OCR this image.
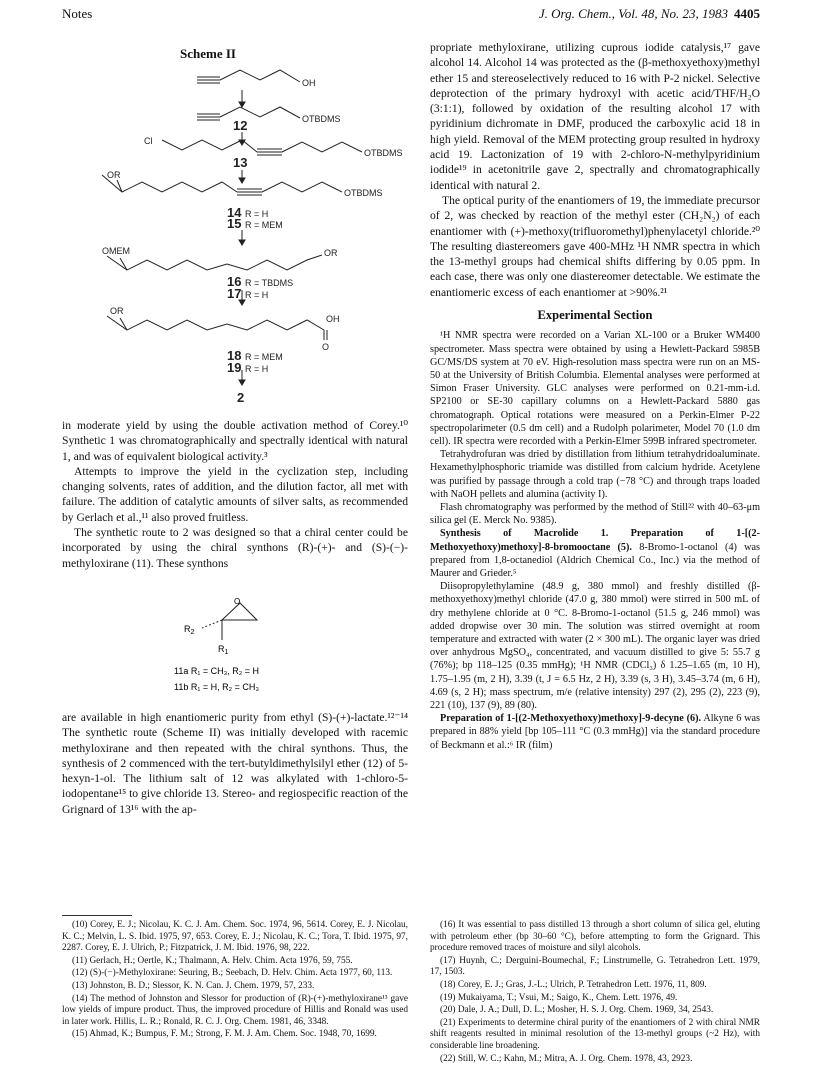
Notes	J. Org. Chem., Vol. 48, No. 23, 1983 4405
Scheme II
OH
OTBDMS
12
Cl
OTBDMS
13
OR
OTBDMS
14 R = H
15 R = MEM
OMEM	OR
16 R = TBDMS
17 R = H
OR
OH
O
18 R = MEM
19 R = H
2

in moderate yield by using the double activation method of Corey.¹⁰ Synthetic 1 was chromatographically and spectrally identical with natural 1, and was of equivalent biological activity.³

Attempts to improve the yield in the cyclization step, including changing solvents, rates of addition, and the dilution factor, all met with failure. The addition of catalytic amounts of silver salts, as recommended by Gerlach et al.,¹¹ also proved fruitless.

The synthetic route to 2 was designed so that a chiral center could be incorporated by using the chiral synthons (R)-(+)- and (S)-(−)-methyloxirane (11). These synthons

O
$R_2$
$R_1$
11a R₁ = CH₃, R₂ = H
11b R₁ = H, R₂ = CH₃

are available in high enantiomeric purity from ethyl (S)-(+)-lactate.¹²⁻¹⁴ The synthetic route (Scheme II) was initially developed with racemic methyloxirane and then repeated with the chiral synthons. Thus, the synthesis of 2 commenced with the tert-butyldimethylsilyl ether (12) of 5-hexyn-1-ol. The lithium salt of 12 was alkylated with 1-chloro-5-iodopentane¹⁵ to give chloride 13. Stereo- and regiospecific reaction of the Grignard of 13¹⁶ with the ap-

propriate methyloxirane, utilizing cuprous iodide catalysis,¹⁷ gave alcohol 14. Alcohol 14 was protected as the (β-methoxyethoxy)methyl ether 15 and stereoselectively reduced to 16 with P-2 nickel. Selective deprotection of the primary hydroxyl with acetic acid/THF/H₂O (3:1:1), followed by oxidation of the resulting alcohol 17 with pyridinium dichromate in DMF, produced the carboxylic acid 18 in high yield. Removal of the MEM protecting group resulted in hydroxy acid 19. Lactonization of 19 with 2-chloro-N-methylpyridinium iodide¹⁹ in acetonitrile gave 2, spectrally and chromatographically identical with natural 2.

The optical purity of the enantiomers of 19, the immediate precursor of 2, was checked by reaction of the methyl ester (CH₂N₂) of each enantiomer with (+)-methoxy(trifluoromethyl)phenylacetyl chloride.²⁰ The resulting diastereomers gave 400-MHz ¹H NMR spectra in which the 13-methyl groups had chemical shifts differing by 0.05 ppm. In each case, there was only one diastereomer detectable. We estimate the enantiomeric excess of each enantiomer at >90%.²¹

Experimental Section

¹H NMR spectra were recorded on a Varian XL-100 or a Bruker WM400 spectrometer. Mass spectra were obtained by using a Hewlett-Packard 5985B GC/MS/DS system at 70 eV. High-resolution mass spectra were run on an MS-50 at the University of British Columbia. Elemental analyses were performed at Simon Fraser University. GLC analyses were performed on 0.21-mm-i.d. SP2100 or SE-30 capillary columns on a Hewlett-Packard 5880 gas chromatograph. Optical rotations were measured on a Perkin-Elmer P-22 spectropolarimeter (0.5 dm cell) and a Rudolph polarimeter, Model 70 (1.0 dm cell). IR spectra were recorded with a Perkin-Elmer 599B infrared spectrometer.

Tetrahydrofuran was dried by distillation from lithium tetrahydridoaluminate. Hexamethylphosphoric triamide was distilled from calcium hydride. Acetylene was purified by passage through a cold trap (−78 °C) and through traps loaded with NaOH pellets and alumina (activity I).

Flash chromatography was performed by the method of Still²² with 40–63-μm silica gel (E. Merck No. 9385).

Synthesis of Macrolide 1. Preparation of 1-[(2-Methoxyethoxy)methoxy]-8-bromooctane (5). 8-Bromo-1-octanol (4) was prepared from 1,8-octanediol (Aldrich Chemical Co., Inc.) via the method of Maurer and Grieder.⁵

Diisopropylethylamine (48.9 g, 380 mmol) and freshly distilled (β-methoxyethoxy)methyl chloride (47.0 g, 380 mmol) were stirred in 500 mL of dry methylene chloride at 0 °C. 8-Bromo-1-octanol (51.5 g, 246 mmol) was added dropwise over 30 min. The solution was stirred overnight at room temperature and extracted with water (2 × 300 mL). The organic layer was dried over anhydrous MgSO₄, concentrated, and vacuum distilled to give 5: 55.7 g (76%); bp 118–125 (0.35 mmHg); ¹H NMR (CDCl₃) δ 1.25–1.65 (m, 10 H), 1.75–1.95 (m, 2 H), 3.39 (t, J = 6.5 Hz, 2 H), 3.39 (s, 3 H), 3.45–3.74 (m, 6 H), 4.69 (s, 2 H); mass spectrum, m/e (relative intensity) 297 (2), 295 (2), 223 (9), 221 (10), 137 (9), 89 (80).

Preparation of 1-[(2-Methoxyethoxy)methoxy]-9-decyne (6). Alkyne 6 was prepared in 88% yield [bp 105–111 °C (0.3 mmHg)] via the standard procedure of Beckmann et al.:⁶ IR (film)

(10) Corey, E. J.; Nicolau, K. C. J. Am. Chem. Soc. 1974, 96, 5614. Corey, E. J. Nicolau, K. C.; Melvin, L. S. Ibid. 1975, 97, 653. Corey, E. J.; Nicolau, K. C.; Tora, T. Ibid. 1975, 97, 2287. Corey, E. J. Ulrich, P.; Fitzpatrick, J. M. Ibid. 1976, 98, 222.

(11) Gerlach, H.; Oertle, K.; Thalmann, A. Helv. Chim. Acta 1976, 59, 755.

(12) (S)-(−)-Methyloxirane: Seuring, B.; Seebach, D. Helv. Chim. Acta 1977, 60, 113.

(13) Johnston, B. D.; Slessor, K. N. Can. J. Chem. 1979, 57, 233.

(14) The method of Johnston and Slessor for production of (R)-(+)-methyloxirane¹³ gave low yields of impure product. Thus, the improved procedure of Hillis and Ronald was used in later work. Hillis, L. R.; Ronald, R. C. J. Org. Chem. 1981, 46, 3348.

(15) Ahmad, K.; Bumpus, F. M.; Strong, F. M. J. Am. Chem. Soc. 1948, 70, 1699.

(16) It was essential to pass distilled 13 through a short column of silica gel, eluting with petroleum ether (bp 30–60 °C), before attempting to form the Grignard. This procedure removed traces of moisture and silyl alcohols.

(17) Huynh, C.; Derguini-Boumechal, F.; Linstrumelle, G. Tetrahedron Lett. 1979, 17, 1503.

(18) Corey, E. J.; Gras, J.-L.; Ulrich, P. Tetrahedron Lett. 1976, 11, 809.

(19) Mukaiyama, T.; Vsui, M.; Saigo, K., Chem. Lett. 1976, 49.

(20) Dale, J. A.; Dull, D. L.; Mosher, H. S. J. Org. Chem. 1969, 34, 2543.

(21) Experiments to determine chiral purity of the enantiomers of 2 with chiral NMR shift reagents resulted in minimal resolution of the 13-methyl groups (~2 Hz), with considerable line broadening.

(22) Still, W. C.; Kahn, M.; Mitra, A. J. Org. Chem. 1978, 43, 2923.
